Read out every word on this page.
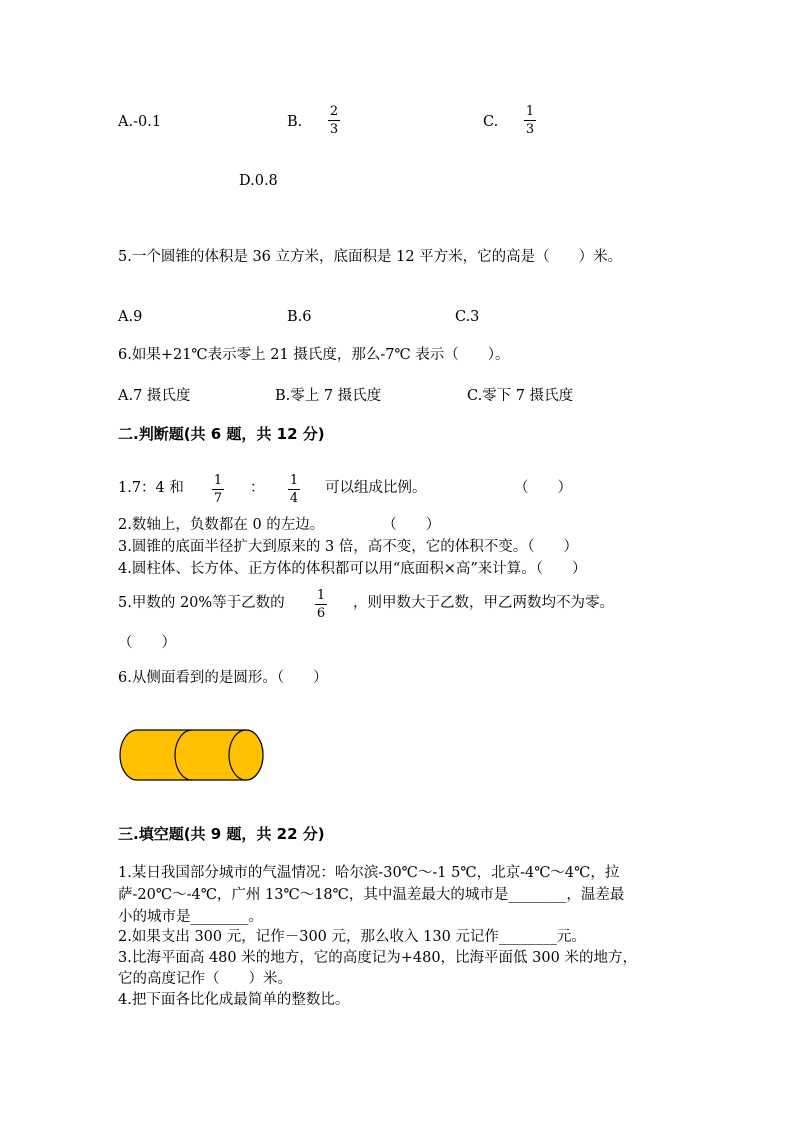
A.-0.1	B.
2
3	C.
1
3
D.0.8
5.一个圆锥的体积是 36 立方米，底面积是 12 平方米，它的高是（　　）米。
A.9	B.6	C.3
6.如果+21℃表示零上 21 摄氏度，那么-7℃ 表示（　　）。
A.7 摄氏度	B.零上 7 摄氏度	C.零下 7 摄氏度
二.判断题(共 6 题，共 12 分)
1.7：4 和 1
7
： 1
4
可以组成比例。	（　　）
2.数轴上，负数都在 0 的左边。　　　　　（　　）
3.圆锥的底面半径扩大到原来的 3 倍，高不变，它的体积不变。（　　）
4.圆柱体、长方体、正方体的体积都可以用“底面积×高”来计算。（　　）
5.甲数的 20%等于乙数的 1
6
，则甲数大于乙数，甲乙两数均不为零。
（　　）
6.从侧面看到的是圆形。（　　）
三.填空题(共 9 题，共 22 分)
1.某日我国部分城市的气温情况：哈尔滨-30℃～-1 5℃，北京-4℃～4℃，拉
萨-20℃～-4℃，广州 13℃～18℃，其中温差最大的城市是________，温差最
小的城市是________。
2.如果支出 300 元，记作－300 元，那么收入 130 元记作________元。
3.比海平面高 480 米的地方，它的高度记为+480，比海平面低 300 米的地方，
它的高度记作（　　）米。
4.把下面各比化成最简单的整数比。
